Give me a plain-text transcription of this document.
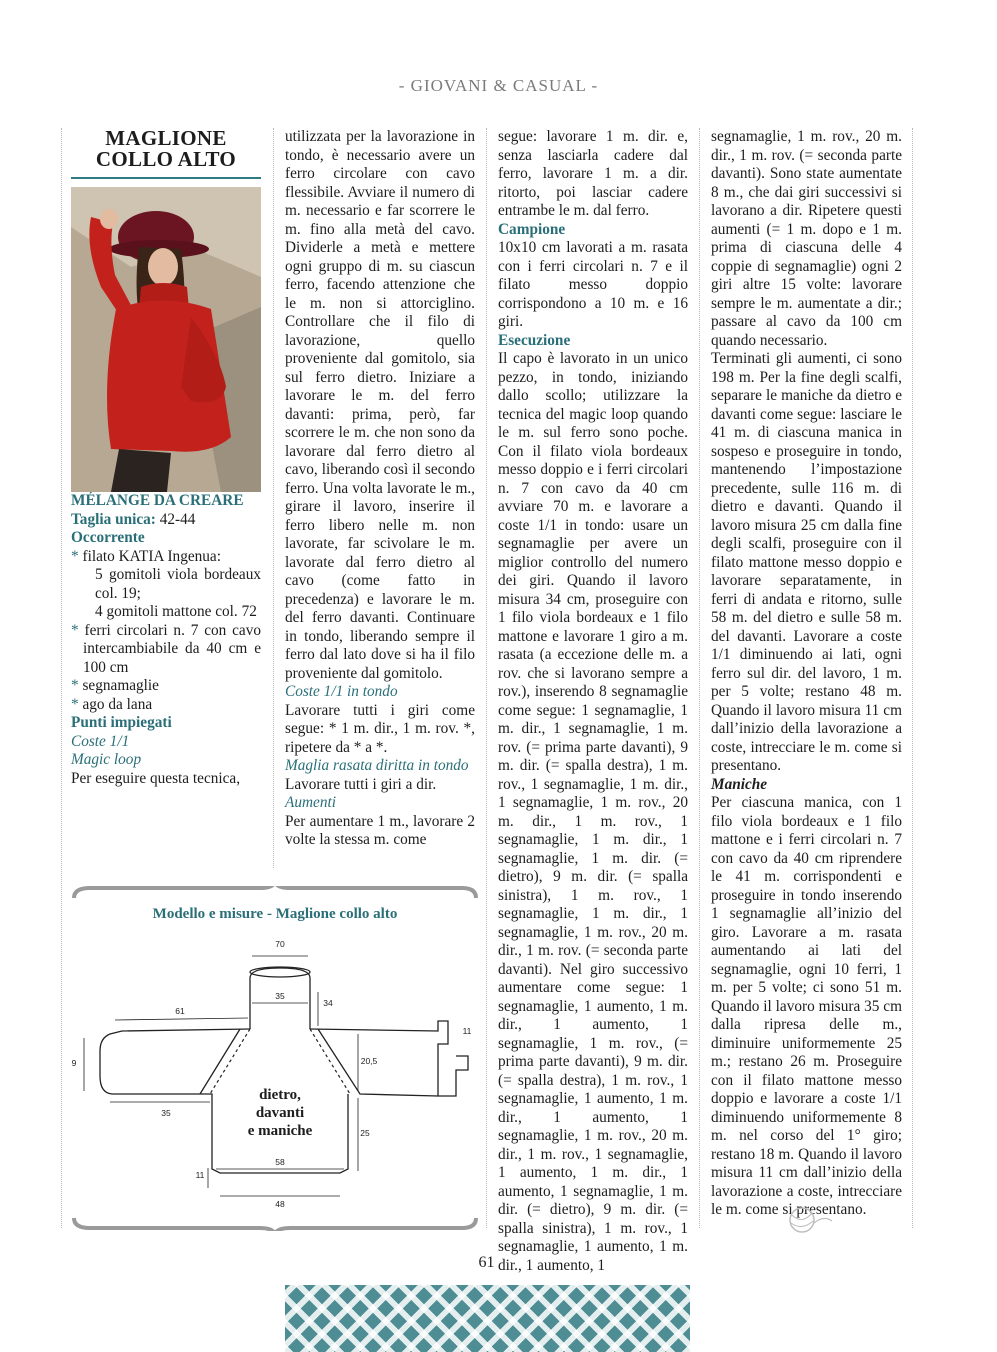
- GIOVANI & CASUAL -
MAGLIONE
COLLO ALTO

MÉLANGE DA CREARE

Taglia unica: 42-44

Occorrente

* filato KATIA Ingenua:
5 gomitoli viola bordeaux col. 19;
4 gomitoli mattone col. 72
* ferri circolari n. 7 con cavo intercambiabile da 40 cm e 100 cm
* segnamaglie
* ago da lana

Punti impiegati

Coste 1/1

Magic loop

Per eseguire questa tecnica,

utilizzata per la lavorazione in tondo, è necessario avere un ferro circolare con cavo flessibile. Avviare il numero di m. necessario e far scorrere le m. fino alla metà del cavo. Dividerle a metà e mettere ogni gruppo di m. su ciascun ferro, facendo attenzione che le m. non si attorciglino. Controllare che il filo di lavorazione, quello proveniente dal gomitolo, sia sul ferro dietro. Iniziare a lavorare le m. del ferro davanti: prima, però, far scorrere le m. che non sono da lavorare dal ferro dietro al cavo, liberando così il secondo ferro. Una volta lavorate le m., girare il lavoro, inserire il ferro libero nelle m. non lavorate, far scivolare le m. lavorate dal ferro dietro al cavo (come fatto in precedenza) e lavorare le m. del ferro davanti. Continuare in tondo, liberando sempre il ferro dal lato dove si ha il filo proveniente dal gomitolo.

Coste 1/1 in tondo

Lavorare tutti i giri come segue: * 1 m. dir., 1 m. rov. *, ripetere da * a *.

Maglia rasata diritta in tondo

Lavorare tutti i giri a dir.

Aumenti

Per aumentare 1 m., lavorare 2 volte la stessa m. come

segue: lavorare 1 m. dir. e, senza lasciarla cadere dal ferro, lavorare 1 m. a dir. ritorto, poi lasciar cadere entrambe le m. dal ferro.

Campione

10x10 cm lavorati a m. rasata con i ferri circolari n. 7 e il filato messo doppio corrispondono a 10 m. e 16 giri.

Esecuzione

Il capo è lavorato in un unico pezzo, in tondo, iniziando dallo scollo; utilizzare la tecnica del magic loop quando le m. sul ferro sono poche. Con il filato viola bordeaux messo doppio e i ferri circolari n. 7 con cavo da 40 cm avviare 70 m. e lavorare a coste 1/1 in tondo: usare un segnamaglie per avere un miglior controllo del numero dei giri. Quando il lavoro misura 34 cm, proseguire con 1 filo viola bordeaux e 1 filo mattone e lavorare 1 giro a m. rasata (a eccezione delle m. a rov. che si lavorano sempre a rov.), inserendo 8 segnamaglie come segue: 1 segnamaglie, 1 m. dir., 1 segnamaglie, 1 m. rov. (= prima parte davanti), 9 m. dir. (= spalla destra), 1 m. rov., 1 segnamaglie, 1 m. dir., 1 segnamaglie, 1 m. rov., 20 m. dir., 1 m. rov., 1 segnamaglie, 1 m. dir., 1 segnamaglie, 1 m. dir. (= dietro), 9 m. dir. (= spalla sinistra), 1 m. rov., 1 segnamaglie, 1 m. dir., 1 segnamaglie, 1 m. rov., 20 m. dir., 1 m. rov. (= seconda parte davanti). Nel giro successivo aumentare come segue: 1 segnamaglie, 1 aumento, 1 m. dir., 1 aumento, 1 segnamaglie, 1 m. rov., (= prima parte davanti), 9 m. dir. (= spalla destra), 1 m. rov., 1 segnamaglie, 1 aumento, 1 m. dir., 1 aumento, 1 segnamaglie, 1 m. rov., 20 m. dir., 1 m. rov., 1 segnamaglie, 1 aumento, 1 m. dir., 1 aumento, 1 segnamaglie, 1 m. dir. (= dietro), 9 m. dir. (= spalla sinistra), 1 m. rov., 1 segnamaglie, 1 aumento, 1 m. dir., 1 aumento, 1

segnamaglie, 1 m. rov., 20 m. dir., 1 m. rov. (= seconda parte davanti). Sono state aumentate 8 m., che dai giri successivi si lavorano a dir. Ripetere questi aumenti (= 1 m. dopo e 1 m. prima di ciascuna delle 4 coppie di segnamaglie) ogni 2 giri altre 15 volte: lavorare sempre le m. aumentate a dir.; passare al cavo da 100 cm quando necessario.

Terminati gli aumenti, ci sono 198 m. Per la fine degli scalfi, separare le maniche da dietro e davanti come segue: lasciare le 41 m. di ciascuna manica in sospeso e proseguire in tondo, mantenendo l’impostazione precedente, sulle 116 m. di dietro e davanti. Quando il lavoro misura 25 cm dalla fine degli scalfi, proseguire con il filato mattone messo doppio e lavorare separatamente, in ferri di andata e ritorno, sulle 58 m. del dietro e sulle 58 m. del davanti. Lavorare a coste 1/1 diminuendo ai lati, ogni ferro sul dir. del lavoro, 1 m. per 5 volte; restano 48 m. Quando il lavoro misura 11 cm dall’inizio della lavorazione a coste, intrecciare le m. come si presentano.

Maniche

Per ciascuna manica, con 1 filo viola bordeaux e 1 filo mattone e i ferri circolari n. 7 con cavo da 40 cm riprendere le 41 m. corrispondenti e proseguire in tondo inserendo 1 segnamaglie all’inizio del giro. Lavorare a m. rasata aumentando ai lati del segnamaglie, ogni 10 ferri, 1 m. per 5 volte; ci sono 51 m. Quando il lavoro misura 35 cm dalla ripresa delle m., diminuire uniformemente 25 m.; restano 26 m. Proseguire con il filato mattone messo doppio e lavorare a coste 1/1 diminuendo uniformemente 8 m. nel corso del 1° giro; restano 18 m. Quando il lavoro misura 11 cm dall’inizio della lavorazione a coste, intrecciare le m. come si presentano.

Modello e misure - Maglione collo alto
70
35
34
61
11
9	20,5
35
25
58
11
48
dietro,
davanti
e maniche
61
